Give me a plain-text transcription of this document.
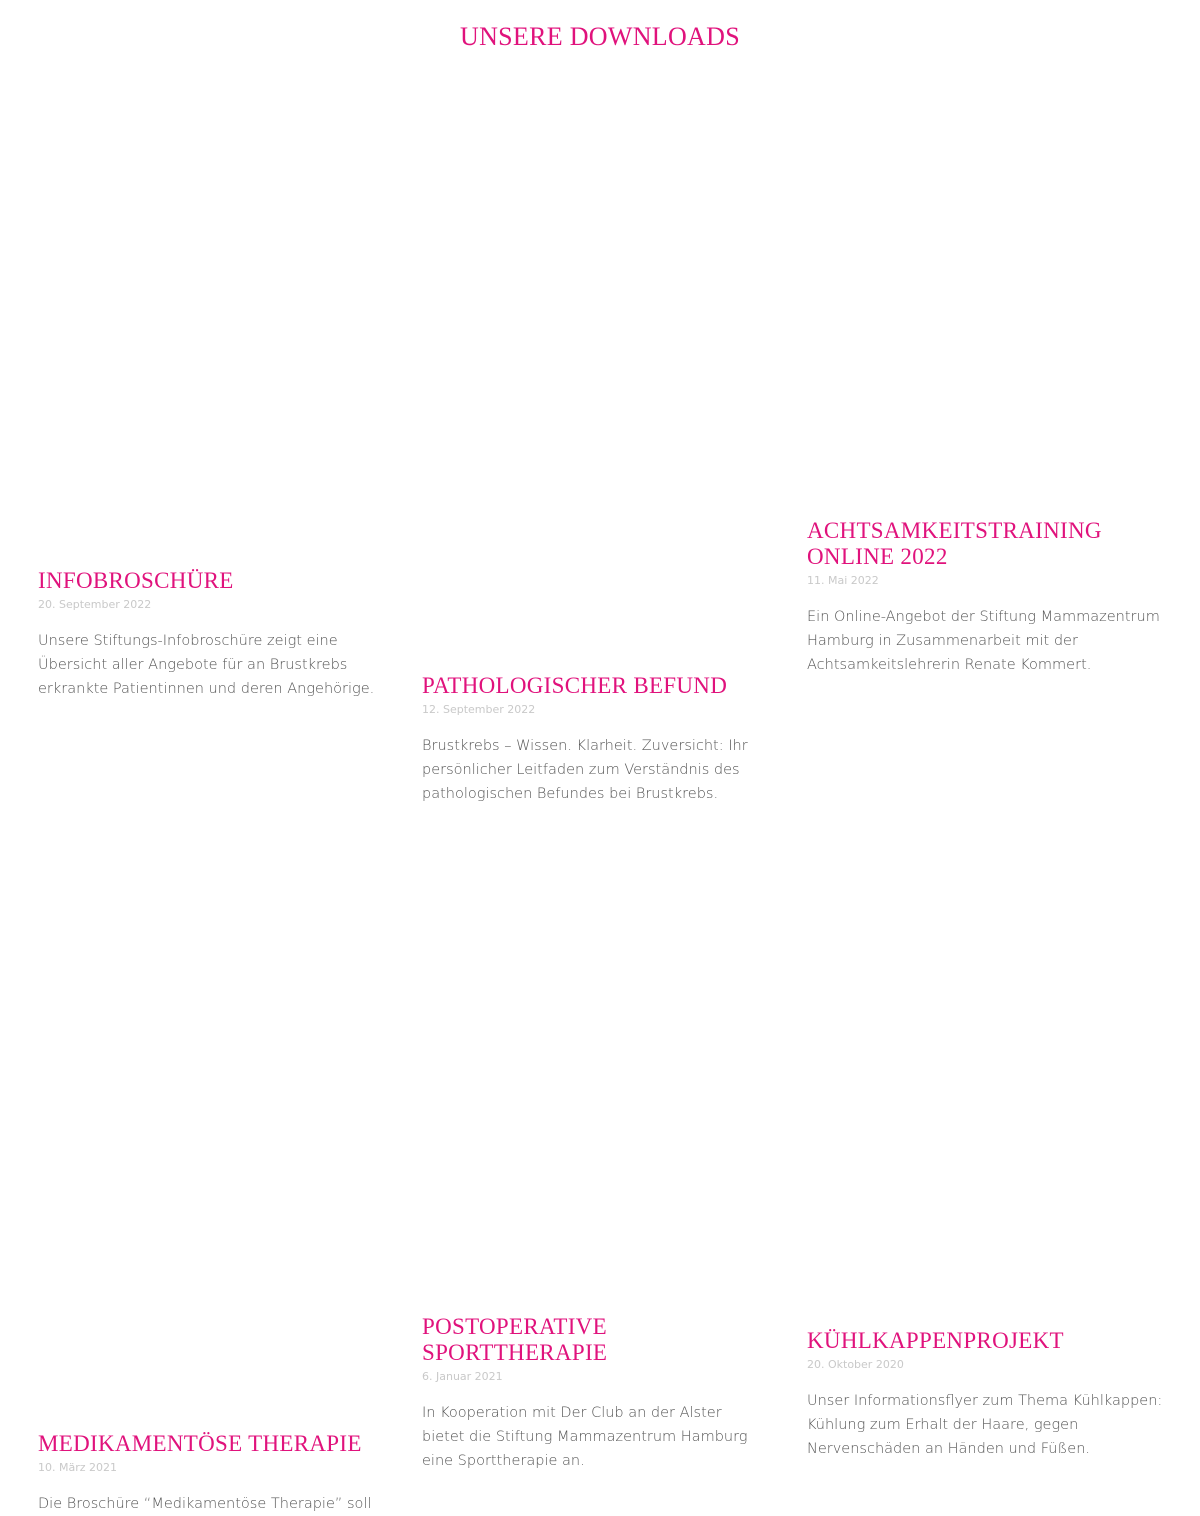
UNSERE DOWNLOADS
INFOBROSCHÜRE
20. September 2022
Unsere Stiftungs-Infobroschüre zeigt eine Übersicht aller Angebote für an Brustkrebs erkrankte Patientinnen und deren Angehörige.	PATHOLOGISCHER BEFUND
12. September 2022
Brustkrebs – Wissen. Klarheit. Zuversicht: Ihr persönlicher Leitfaden zum Verständnis des pathologischen Befundes bei Brustkrebs.
ACHTSAMKEITSTRAINING ONLINE 2022
11. Mai 2022
Ein Online-Angebot der Stiftung Mammazentrum Hamburg in Zusammenarbeit mit der Achtsamkeitslehrerin Renate Kommert.
MEDIKAMENTÖSE THERAPIE
10. März 2021
Die Broschüre “Medikamentöse Therapie” soll
POSTOPERATIVE SPORTTHERAPIE
6. Januar 2021
In Kooperation mit Der Club an der Alster bietet die Stiftung Mammazentrum Hamburg eine Sporttherapie an.
KÜHLKAPPENPROJEKT
20. Oktober 2020
Unser Informationsflyer zum Thema Kühlkappen: Kühlung zum Erhalt der Haare, gegen Nervenschäden an Händen und Füßen.
